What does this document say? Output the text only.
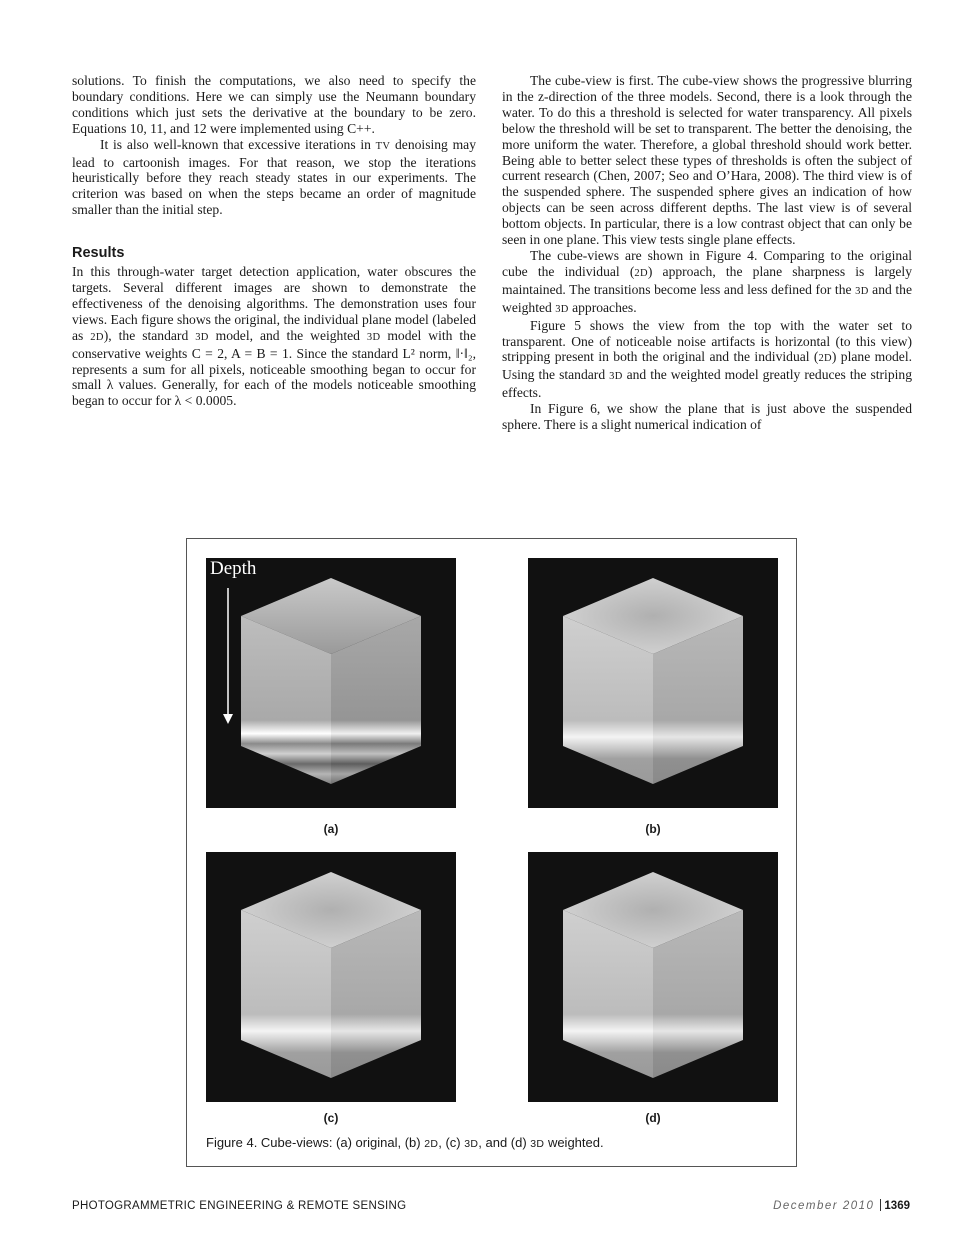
solutions. To finish the computations, we also need to specify the boundary conditions. Here we can simply use the Neumann boundary conditions which just sets the derivative at the boundary to be zero. Equations 10, 11, and 12 were implemented using C++.

It is also well-known that excessive iterations in TV denoising may lead to cartoonish images. For that reason, we stop the iterations heuristically before they reach steady states in our experiments. The criterion was based on when the steps became an order of magnitude smaller than the initial step.

Results

In this through-water target detection application, water obscures the targets. Several different images are shown to demonstrate the effectiveness of the denoising algorithms. The demonstration uses four views. Each figure shows the original, the individual plane model (labeled as 2D), the standard 3D model, and the weighted 3D model with the conservative weights C = 2, A = B = 1. Since the standard L² norm, ‖·‖₂, represents a sum for all pixels, noticeable smoothing began to occur for small λ values. Generally, for each of the models noticeable smoothing began to occur for λ < 0.0005.

The cube-view is first. The cube-view shows the progressive blurring in the z-direction of the three models. Second, there is a look through the water. To do this a threshold is selected for water transparency. All pixels below the threshold will be set to transparent. The better the denoising, the more uniform the water. Therefore, a global threshold should work better. Being able to better select these types of thresholds is often the subject of current research (Chen, 2007; Seo and O’Hara, 2008). The third view is of the suspended sphere. The suspended sphere gives an indication of how objects can be seen across different depths. The last view is of several bottom objects. In particular, there is a low contrast object that can only be seen in one plane. This view tests single plane effects.

The cube-views are shown in Figure 4. Comparing to the original cube the individual (2D) approach, the plane sharpness is largely maintained. The transitions become less and less defined for the 3D and the weighted 3D approaches.

Figure 5 shows the view from the top with the water set to transparent. One of noticeable noise artifacts is horizontal (to this view) stripping present in both the original and the individual (2D) plane model. Using the standard 3D and the weighted model greatly reduces the striping effects.

In Figure 6, we show the plane that is just above the suspended sphere. There is a slight numerical indication of

Depth
(a)	(b)
(c)	(d)
Figure 4. Cube-views: (a) original, (b) 2D, (c) 3D, and (d) 3D weighted.
PHOTOGRAMMETRIC ENGINEERING & REMOTE SENSING	December 2010 1369
